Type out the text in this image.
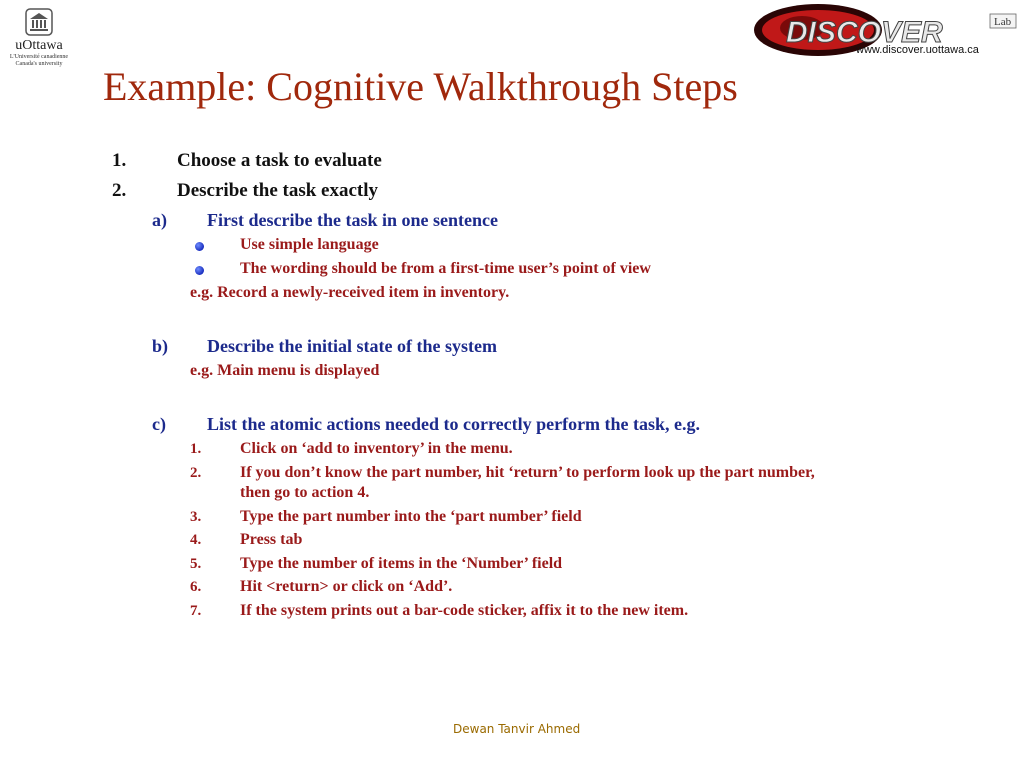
uOttawa
L'Université canadienne
Canada's university
DISCOVER	Lab
www.discover.uottawa.ca
Example: Cognitive Walkthrough Steps
1.	Choose a task to evaluate
2.	Describe the task exactly
a) First describe the task in one sentence
Use simple language
The wording should be from a first-time user’s point of view
e.g. Record a newly-received item in inventory.
b) Describe the initial state of the system
e.g. Main menu is displayed
c) List the atomic actions needed to correctly perform the task, e.g.
1. Click on ‘add to inventory’ in the menu.
2. If you don’t know the part number, hit ‘return’ to perform look up the part number,
then go to action 4.
3. Type the part number into the ‘part number’ field
4. Press tab
5. Type the number of items in the ‘Number’ field
6. Hit <return> or click on ‘Add’.
7. If the system prints out a bar-code sticker, affix it to the new item.
Dewan Tanvir Ahmed
